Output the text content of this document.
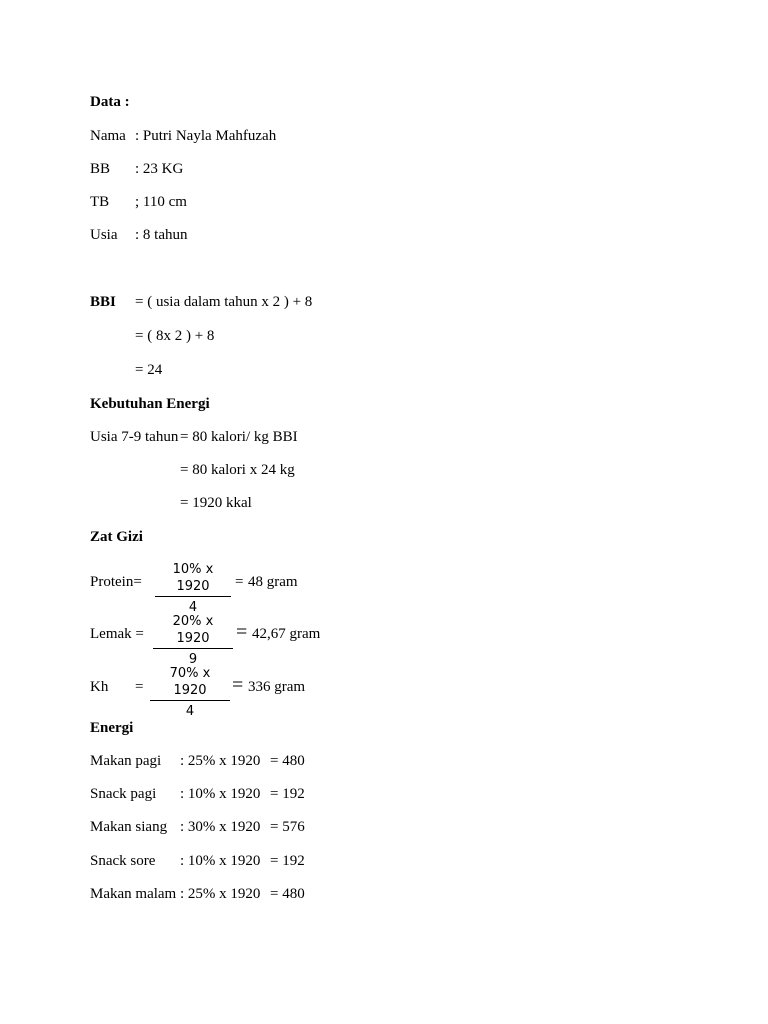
Data :
Nama : Putri Nayla Mahfuzah
BB : 23 KG
TB ; 110 cm
Usia : 8 tahun
BBI = ( usia dalam tahun x 2 ) + 8
= ( 8x 2 ) + 8
= 24
Kebutuhan Energi
Usia 7-9 tahun = 80 kalori/ kg BBI
= 80 kalori x 24 kg
= 1920 kkal
Zat Gizi
Protein= $\frac{10\% x 1920}{4} = 48$ gram
Lemak = $\frac{20\% x 1920}{9} = 42,67$ gram
$Kh = \frac{70\% x 1920}{4} = 336$ gram
Energi
Makan pagi : 25% x 1920 = 480
Snack pagi : 10% x 1920 = 192
Makan siang : 30% x 1920 = 576
Snack sore : 10% x 1920 = 192
Makan malam : 25% x 1920 = 480
